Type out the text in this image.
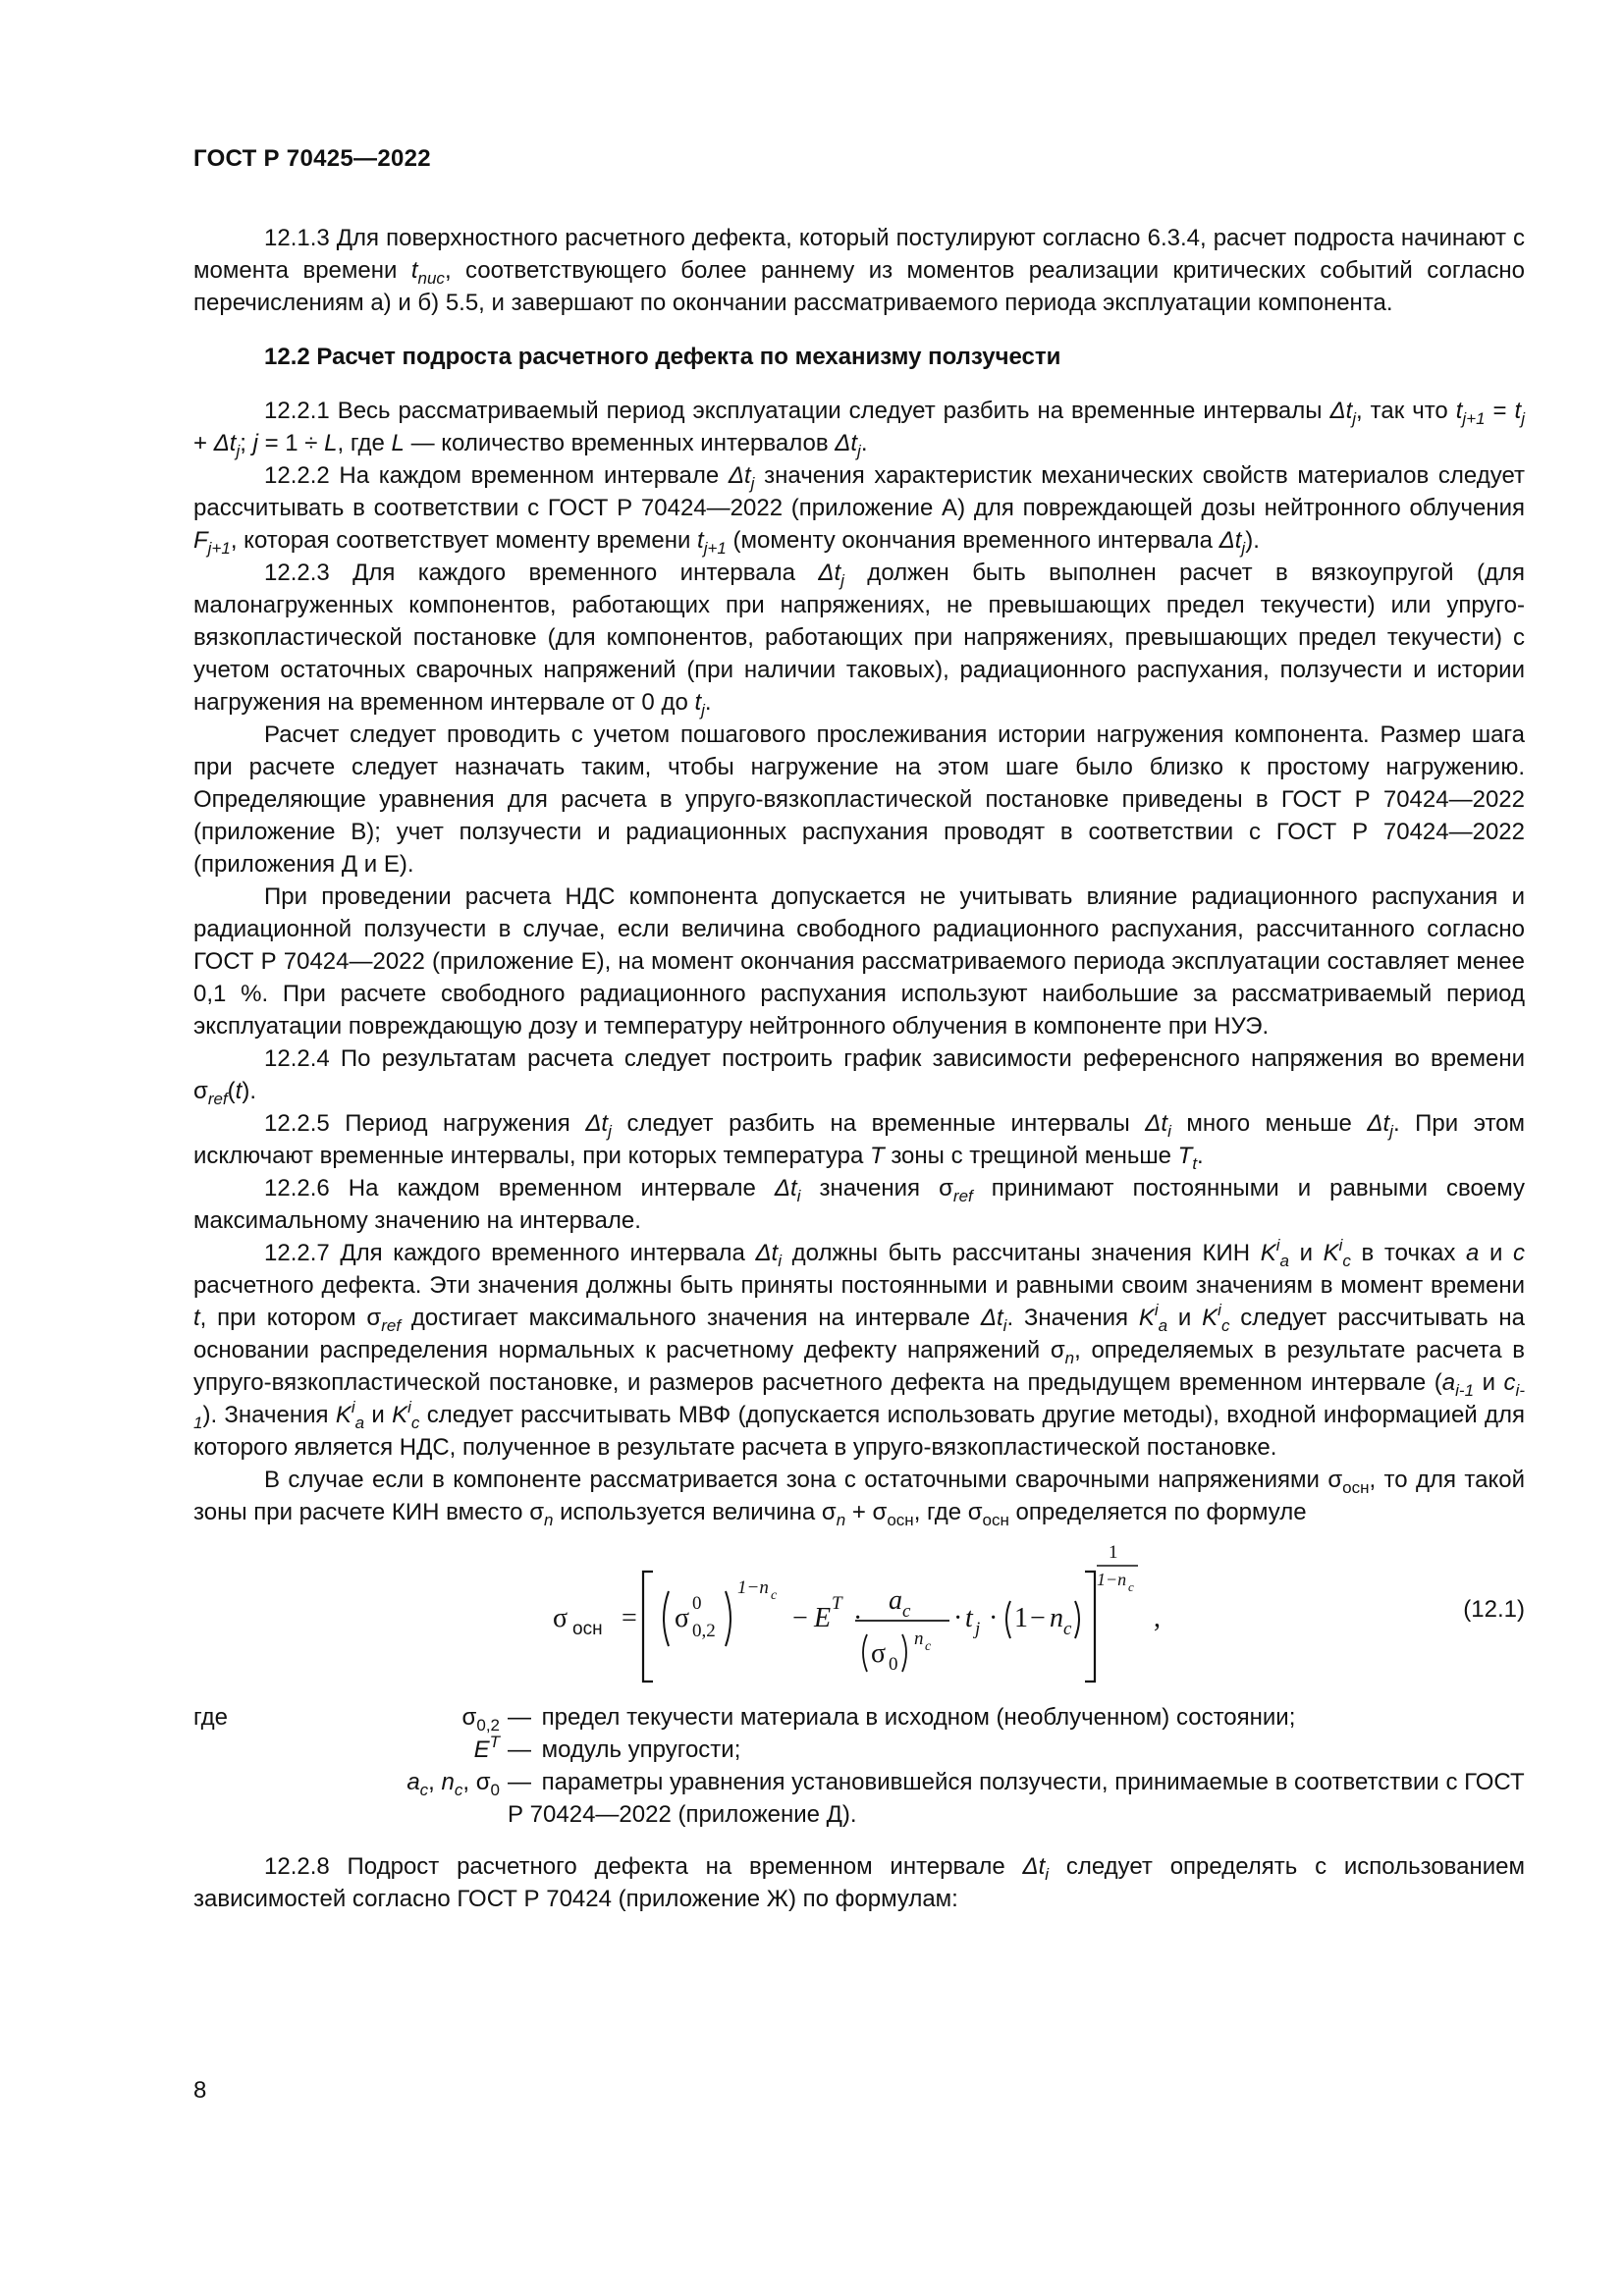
ГОСТ Р 70425—2022

12.1.3 Для поверхностного расчетного дефекта, который постулируют согласно 6.3.4, расчет подроста начинают с момента времени $t_{nuc}$, соответствующего более раннему из моментов реализации критических событий согласно перечислениям а) и б) 5.5, и завершают по окончании рассматриваемого периода эксплуатации компонента.

12.2 Расчет подроста расчетного дефекта по механизму ползучести

12.2.1 Весь рассматриваемый период эксплуатации следует разбить на временные интервалы $\Delta t_j$, так что $t_{j+1} = t_j + \Delta t_j$; j = 1 ÷ L, где L — количество временных интервалов $\Delta t_j$.

12.2.2 На каждом временном интервале $\Delta t_j$ значения характеристик механических свойств материалов следует рассчитывать в соответствии с ГОСТ Р 70424—2022 (приложение А) для повреждающей дозы нейтронного облучения $F_{j+1}$, которая соответствует моменту времени $t_{j+1}$ (моменту окончания временного интервала $\Delta t_j$).

12.2.3 Для каждого временного интервала $\Delta t_j$ должен быть выполнен расчет в вязкоупругой (для малонагруженных компонентов, работающих при напряжениях, не превышающих предел текучести) или упруго-вязкопластической постановке (для компонентов, работающих при напряжениях, превышающих предел текучести) с учетом остаточных сварочных напряжений (при наличии таковых), радиационного распухания, ползучести и истории нагружения на временном интервале от 0 до $t_j$.

Расчет следует проводить с учетом пошагового прослеживания истории нагружения компонента. Размер шага при расчете следует назначать таким, чтобы нагружение на этом шаге было близко к простому нагружению. Определяющие уравнения для расчета в упруго-вязкопластической постановке приведены в ГОСТ Р 70424—2022 (приложение В); учет ползучести и радиационных распухания проводят в соответствии с ГОСТ Р 70424—2022 (приложения Д и Е).

При проведении расчета НДС компонента допускается не учитывать влияние радиационного распухания и радиационной ползучести в случае, если величина свободного радиационного распухания, рассчитанного согласно ГОСТ Р 70424—2022 (приложение Е), на момент окончания рассматриваемого периода эксплуатации составляет менее 0,1 %. При расчете свободного радиационного распухания используют наибольшие за рассматриваемый период эксплуатации повреждающую дозу и температуру нейтронного облучения в компоненте при НУЭ.

12.2.4 По результатам расчета следует построить график зависимости референсного напряжения во времени $\sigma_{ref}(t)$.

12.2.5 Период нагружения $\Delta t_j$ следует разбить на временные интервалы $\Delta t_i$ много меньше $\Delta t_j$. При этом исключают временные интервалы, при которых температура T зоны с трещиной меньше $T_t$.

12.2.6 На каждом временном интервале $\Delta t_i$ значения $\sigma_{ref}$ принимают постоянными и равными своему максимальному значению на интервале.

12.2.7 Для каждого временного интервала $\Delta t_i$ должны быть рассчитаны значения КИН $K^i_a$ и $K^i_c$ в точках а и с расчетного дефекта. Эти значения должны быть приняты постоянными и равными своим значениям в момент времени t, при котором $\sigma_{ref}$ достигает максимального значения на интервале $\Delta t_i$. Значения $K^i_a$ и $K^i_c$ следует рассчитывать на основании распределения нормальных к расчетному дефекту напряжений $\sigma_n$, определяемых в результате расчета в упруго-вязкопластической постановке, и размеров расчетного дефекта на предыдущем временном интервале ($a_{i-1}$ и $c_{i-1}$). Значения $K^i_a$ и $K^i_c$ следует рассчитывать МВФ (допускается использовать другие методы), входной информацией для которого является НДС, полученное в результате расчета в упруго-вязкопластической постановке.

В случае если в компоненте рассматривается зона с остаточными сварочными напряжениями $\sigma_{осн}$, то для такой зоны при расчете КИН вместо $\sigma_n$ используется величина $\sigma_n + \sigma_{осн}$, где $\sigma_{осн}$ определяется по формуле

σ осн = σ 0
0,2
1−n c
− E T ·
a c
σ 0
n c
· t j · 1 − n c
1
1−n c
,	(12.1)
где	$\sigma_{0,2}$ — предел текучести материала в исходном (необлученном) состоянии;
$E^T$ — модуль упругости;
$a_c$, $n_c$, $\sigma_0$ — параметры уравнения установившейся ползучести, принимаемые в соответствии с ГОСТ Р 70424—2022 (приложение Д).

12.2.8 Подрост расчетного дефекта на временном интервале $\Delta t_i$ следует определять с использованием зависимостей согласно ГОСТ Р 70424 (приложение Ж) по формулам:

8
